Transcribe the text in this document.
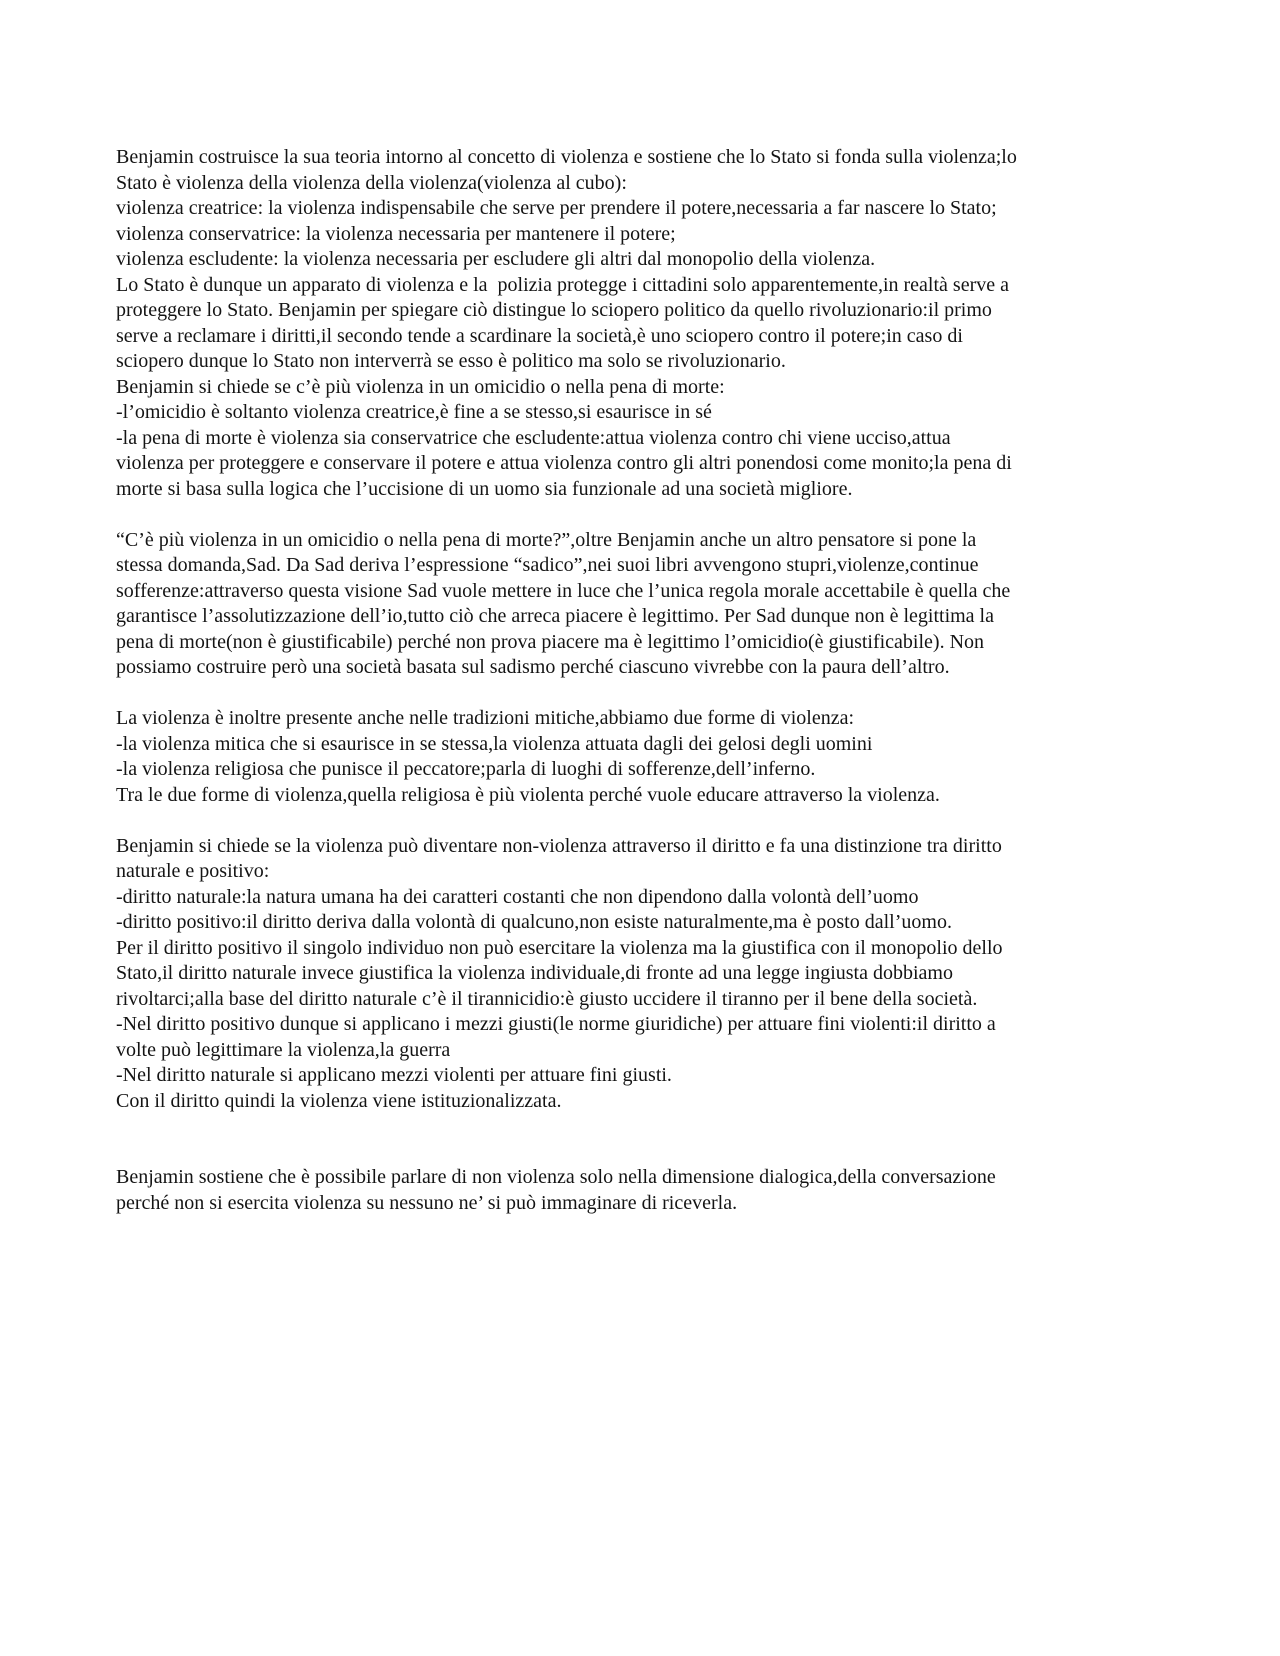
Benjamin costruisce la sua teoria intorno al concetto di violenza e sostiene che lo Stato si fonda sulla violenza;lo
Stato è violenza della violenza della violenza(violenza al cubo):
violenza creatrice: la violenza indispensabile che serve per prendere il potere,necessaria a far nascere lo Stato;
violenza conservatrice: la violenza necessaria per mantenere il potere;
violenza escludente: la violenza necessaria per escludere gli altri dal monopolio della violenza.
Lo Stato è dunque un apparato di violenza e la  polizia protegge i cittadini solo apparentemente,in realtà serve a
proteggere lo Stato. Benjamin per spiegare ciò distingue lo sciopero politico da quello rivoluzionario:il primo
serve a reclamare i diritti,il secondo tende a scardinare la società,è uno sciopero contro il potere;in caso di
sciopero dunque lo Stato non interverrà se esso è politico ma solo se rivoluzionario.
Benjamin si chiede se c’è più violenza in un omicidio o nella pena di morte:
-l’omicidio è soltanto violenza creatrice,è fine a se stesso,si esaurisce in sé
-la pena di morte è violenza sia conservatrice che escludente:attua violenza contro chi viene ucciso,attua
violenza per proteggere e conservare il potere e attua violenza contro gli altri ponendosi come monito;la pena di
morte si basa sulla logica che l’uccisione di un uomo sia funzionale ad una società migliore.
“C’è più violenza in un omicidio o nella pena di morte?”,oltre Benjamin anche un altro pensatore si pone la
stessa domanda,Sad. Da Sad deriva l’espressione “sadico”,nei suoi libri avvengono stupri,violenze,continue
sofferenze:attraverso questa visione Sad vuole mettere in luce che l’unica regola morale accettabile è quella che
garantisce l’assolutizzazione dell’io,tutto ciò che arreca piacere è legittimo. Per Sad dunque non è legittima la
pena di morte(non è giustificabile) perché non prova piacere ma è legittimo l’omicidio(è giustificabile). Non
possiamo costruire però una società basata sul sadismo perché ciascuno vivrebbe con la paura dell’altro.
La violenza è inoltre presente anche nelle tradizioni mitiche,abbiamo due forme di violenza:
-la violenza mitica che si esaurisce in se stessa,la violenza attuata dagli dei gelosi degli uomini
-la violenza religiosa che punisce il peccatore;parla di luoghi di sofferenze,dell’inferno.
Tra le due forme di violenza,quella religiosa è più violenta perché vuole educare attraverso la violenza.
Benjamin si chiede se la violenza può diventare non-violenza attraverso il diritto e fa una distinzione tra diritto
naturale e positivo:
-diritto naturale:la natura umana ha dei caratteri costanti che non dipendono dalla volontà dell’uomo
-diritto positivo:il diritto deriva dalla volontà di qualcuno,non esiste naturalmente,ma è posto dall’uomo.
Per il diritto positivo il singolo individuo non può esercitare la violenza ma la giustifica con il monopolio dello
Stato,il diritto naturale invece giustifica la violenza individuale,di fronte ad una legge ingiusta dobbiamo
rivoltarci;alla base del diritto naturale c’è il tirannicidio:è giusto uccidere il tiranno per il bene della società.
-Nel diritto positivo dunque si applicano i mezzi giusti(le norme giuridiche) per attuare fini violenti:il diritto a
volte può legittimare la violenza,la guerra
-Nel diritto naturale si applicano mezzi violenti per attuare fini giusti.
Con il diritto quindi la violenza viene istituzionalizzata.
Benjamin sostiene che è possibile parlare di non violenza solo nella dimensione dialogica,della conversazione
perché non si esercita violenza su nessuno ne’ si può immaginare di riceverla.
